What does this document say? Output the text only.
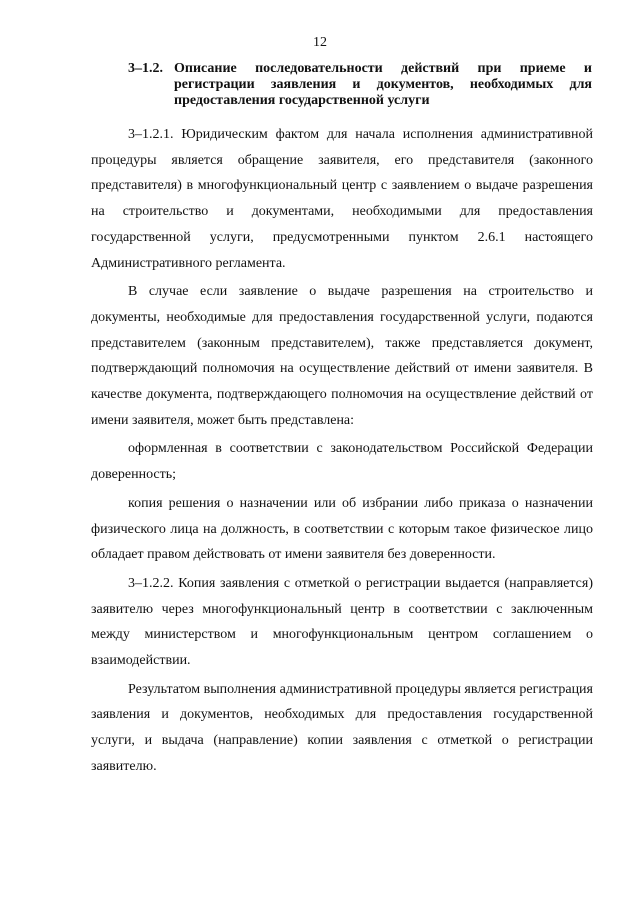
12
3–1.2. Описание последовательности действий при приеме и регистрации заявления и документов, необходимых для предоставления государственной услуги

3–1.2.1. Юридическим фактом для начала исполнения административной процедуры является обращение заявителя, его представителя (законного представителя) в многофункциональный центр с заявлением о выдаче разрешения на строительство и документами, необходимыми для предоставления государственной услуги, предусмотренными пунктом 2.6.1 настоящего Административного регламента.

В случае если заявление о выдаче разрешения на строительство и документы, необходимые для предоставления государственной услуги, подаются представителем (законным представителем), также представляется документ, подтверждающий полномочия на осуществление действий от имени заявителя. В качестве документа, подтверждающего полномочия на осуществление действий от имени заявителя, может быть представлена:

оформленная в соответствии с законодательством Российской Федерации доверенность;

копия решения о назначении или об избрании либо приказа о назначении физического лица на должность, в соответствии с которым такое физическое лицо обладает правом действовать от имени заявителя без доверенности.

3–1.2.2. Копия заявления с отметкой о регистрации выдается (направляется) заявителю через многофункциональный центр в соответствии с заключенным между министерством и многофункциональным центром соглашением о взаимодействии.

Результатом выполнения административной процедуры является регистрация заявления и документов, необходимых для предоставления государственной услуги, и выдача (направление) копии заявления с отметкой о регистрации заявителю.
